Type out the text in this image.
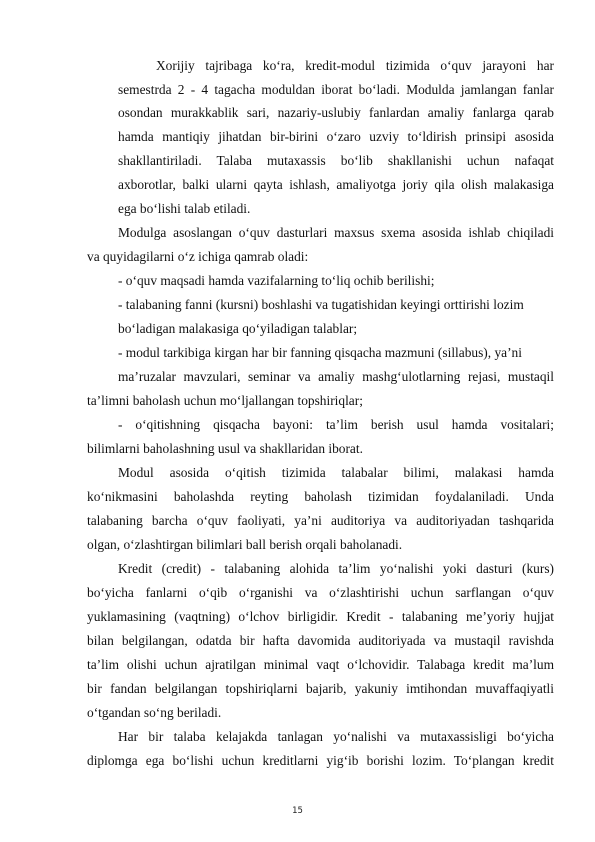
Xorijiy tajribaga koʻra, kredit-modul tizimida oʻquv jarayoni har
semestrda 2 - 4 tagacha moduldan iborat boʻladi. Modulda jamlangan fanlar
osondan murakkablik sari, nazariy-uslubiy fanlardan amaliy fanlarga qarab
hamda mantiqiy jihatdan bir-birini oʻzaro uzviy toʻldirish prinsipi asosida
shakllantiriladi. Talaba mutaxassis boʻlib shakllanishi uchun nafaqat
axborotlar, balki ularni qayta ishlash, amaliyotga joriy qila olish malakasiga
ega boʻlishi talab etiladi.
Modulga asoslangan oʻquv dasturlari maxsus sxema asosida ishlab chiqiladi
va quyidagilarni oʻz ichiga qamrab oladi:
- oʻquv maqsadi hamda vazifalarning toʻliq ochib berilishi;
- talabaning fanni (kursni) boshlashi va tugatishidan keyingi orttirishi lozim
boʻladigan malakasiga qoʻyiladigan talablar;
- modul tarkibiga kirgan har bir fanning qisqacha mazmuni (sillabus), yaʼni
maʼruzalar mavzulari, seminar va amaliy mashgʻulotlarning rejasi, mustaqil
taʼlimni baholash uchun moʻljallangan topshiriqlar;
- oʻqitishning qisqacha bayoni: taʼlim berish usul hamda vositalari;
bilimlarni baholashning usul va shakllaridan iborat.
Modul asosida oʻqitish tizimida talabalar bilimi, malakasi hamda
koʻnikmasini baholashda reyting baholash tizimidan foydalaniladi. Unda
talabaning barcha oʻquv faoliyati, yaʼni auditoriya va auditoriyadan tashqarida
olgan, oʻzlashtirgan bilimlari ball berish orqali baholanadi.
Kredit (credit) - talabaning alohida taʼlim yoʻnalishi yoki dasturi (kurs)
boʻyicha fanlarni oʻqib oʻrganishi va oʻzlashtirishi uchun sarflangan oʻquv
yuklamasining (vaqtning) oʻlchov birligidir. Kredit - talabaning meʼyoriy hujjat
bilan belgilangan, odatda bir hafta davomida auditoriyada va mustaqil ravishda
taʼlim olishi uchun ajratilgan minimal vaqt oʻlchovidir. Talabaga kredit maʼlum
bir fandan belgilangan topshiriqlarni bajarib, yakuniy imtihondan muvaffaqiyatli
oʻtgandan soʻng beriladi.
Har bir talaba kelajakda tanlagan yoʻnalishi va mutaxassisligi boʻyicha
diplomga ega boʻlishi uchun kreditlarni yigʻib borishi lozim. Toʻplangan kredit
15
